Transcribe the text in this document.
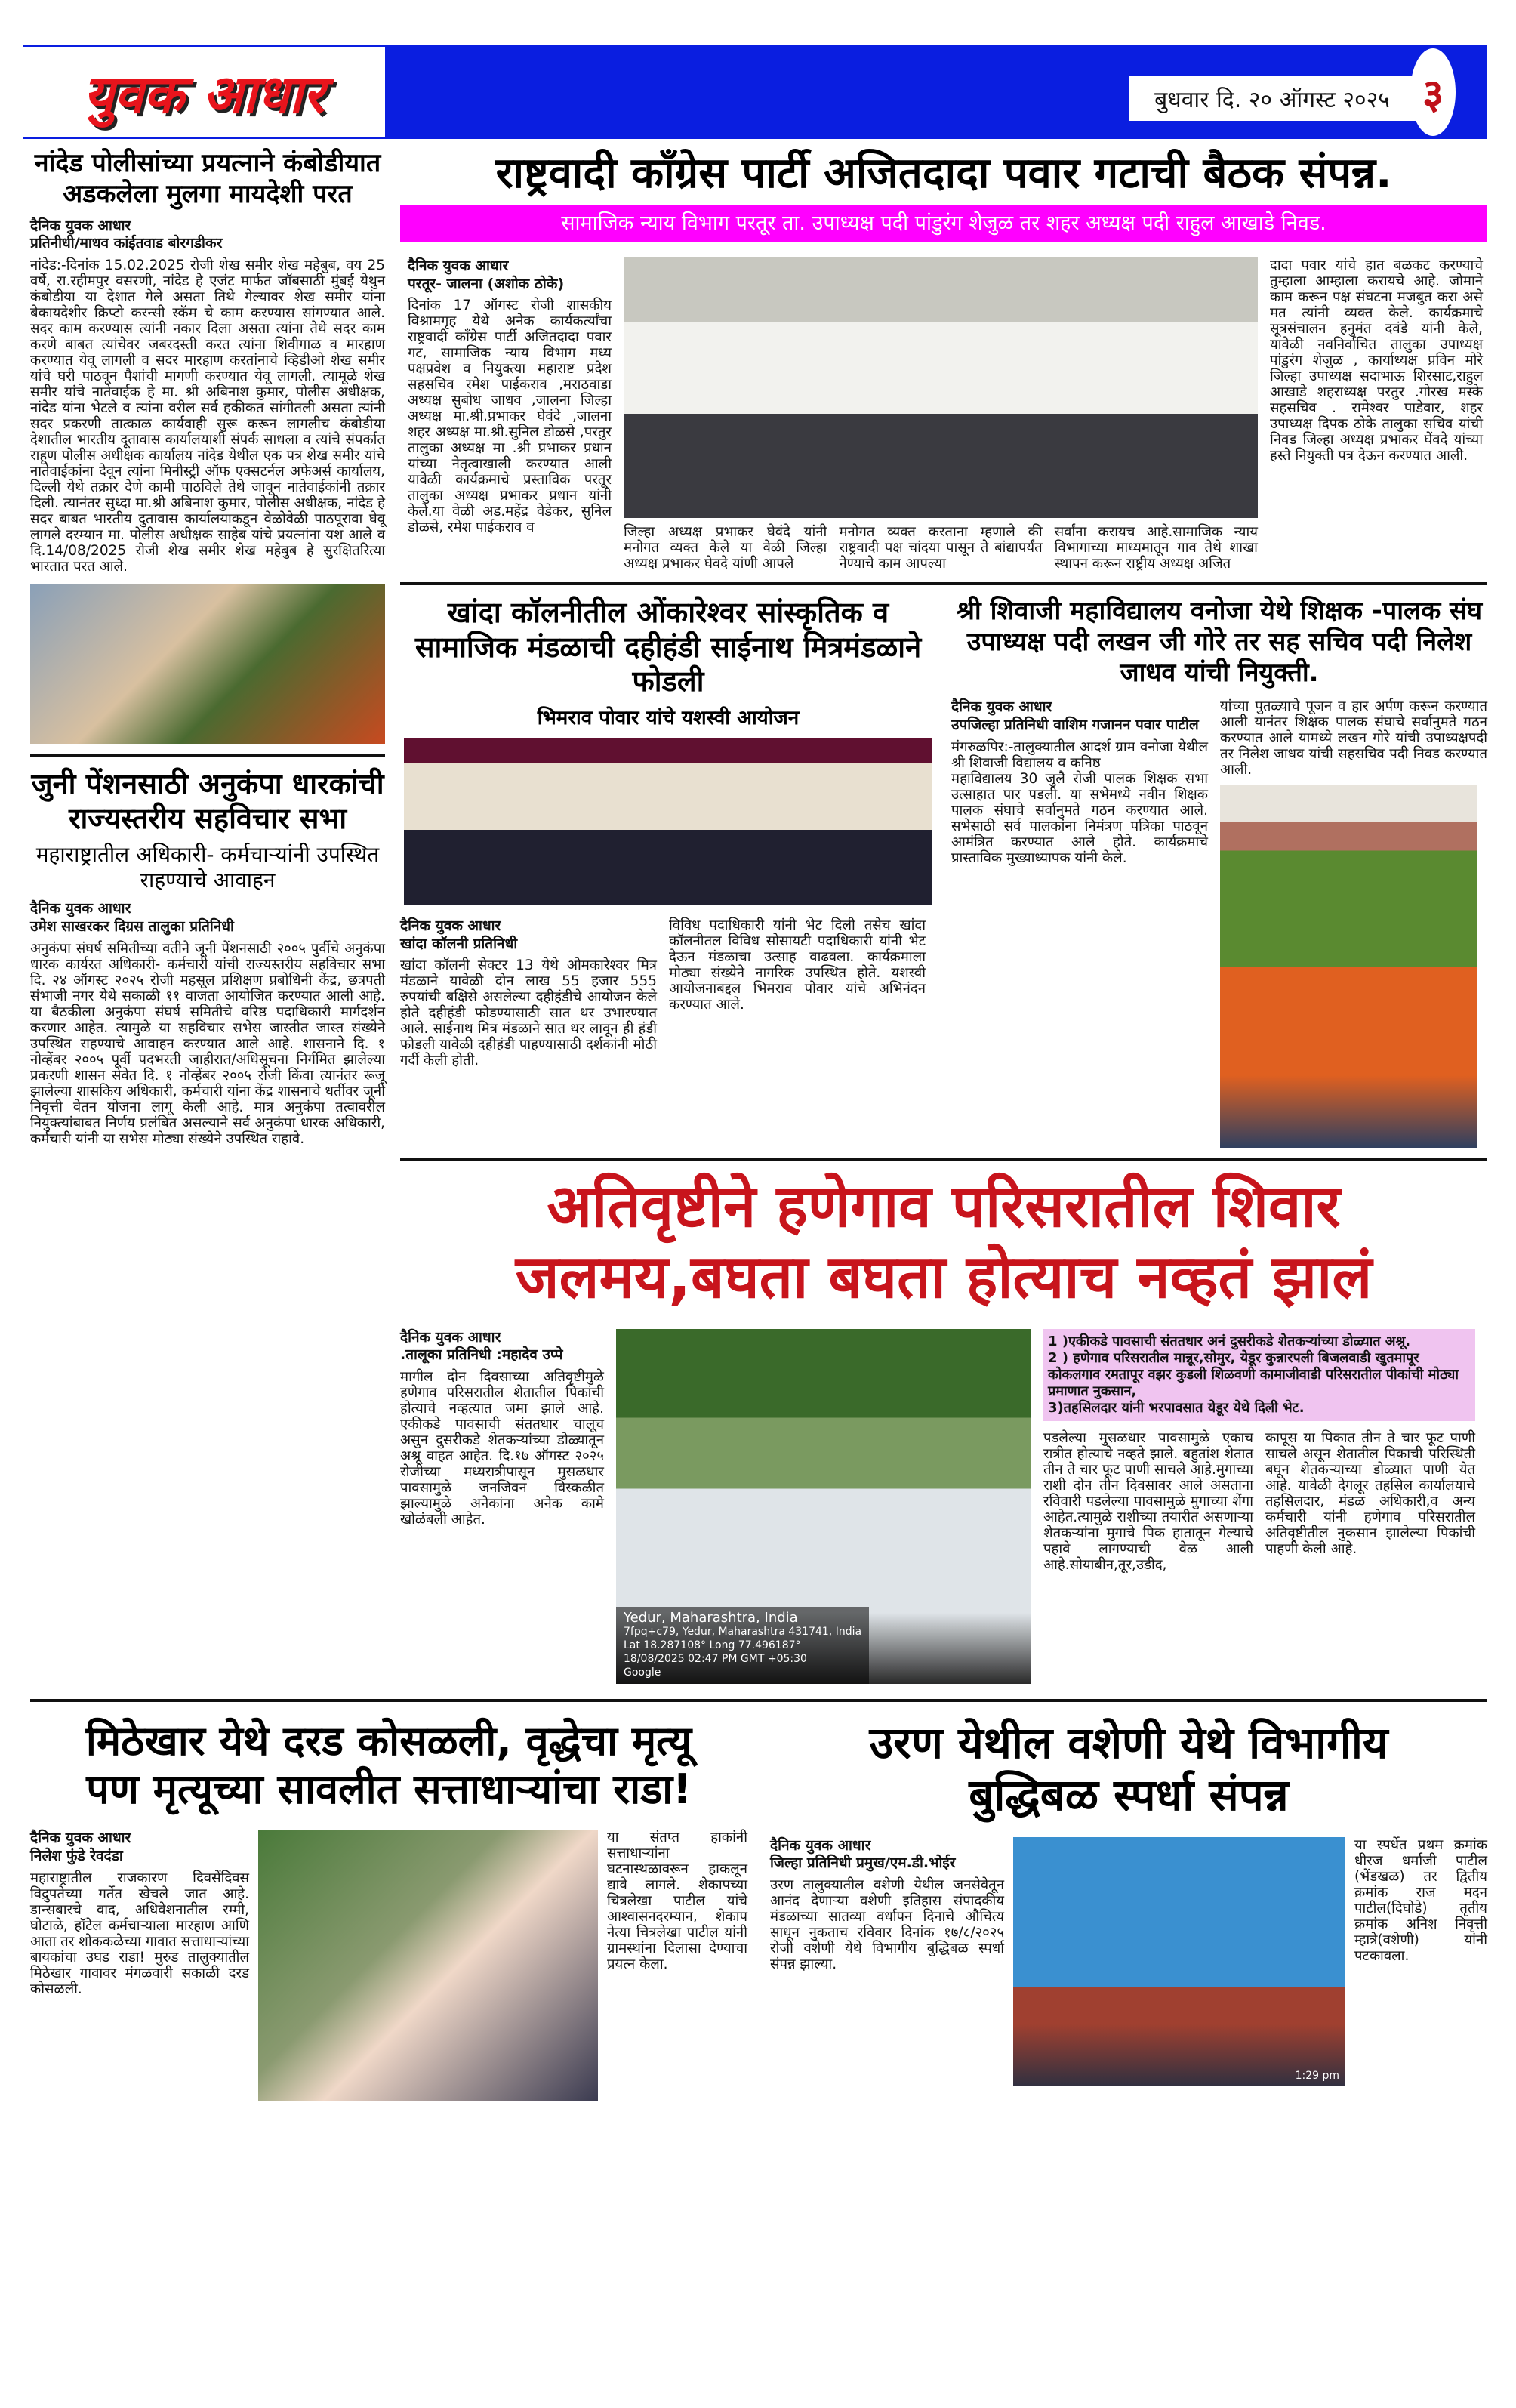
युवक आधार	बुधवार दि. २० ऑगस्ट २०२५ ३
नांदेड पोलीसांच्या प्रयत्नाने कंबोडीयात अडकलेला मुलगा मायदेशी परत
दैनिक युवक आधार
प्रतिनीधी/माधव कांईतवाड बोरगडीकर
नांदेड:-दिनांक 15.02.2025 रोजी शेख समीर शेख महेबुब, वय 25 वर्षे, रा.रहीमपुर वसरणी, नांदेड हे एजंट मार्फत जॉबसाठी मुंबई येथुन कंबोडीया या देशात गेले असता तिथे गेल्यावर शेख समीर यांना बेकायदेशीर क्रिप्टो करन्सी स्कॅम चे काम करण्यास सांगण्यात आले. सदर काम करण्यास त्यांनी नकार दिला असता त्यांना तेथे सदर काम करणे बाबत त्यांचेवर जबरदस्ती करत त्यांना शिवीगाळ व मारहाण करण्यात येवू लागली व सदर मारहाण करतांनाचे व्हिडीओ शेख समीर यांचे घरी पाठवून पैशांची मागणी करण्यात येवू लागली. त्यामूळे शेख समीर यांचे नातेवाईक हे मा. श्री अबिनाश कुमार, पोलीस अधीक्षक, नांदेड यांना भेटले व त्यांना वरील सर्व हकीकत सांगीतली असता त्यांनी सदर प्रकरणी तात्काळ कार्यवाही सुरू करून लागलीच कंबोडीया देशातील भारतीय दूतावास कार्यालयाशी संपर्क साधला व त्यांचे संपर्कात राहूण पोलीस अधीक्षक कार्यालय नांदेड येथील एक पत्र शेख समीर यांचे नातेवाईकांना देवून त्यांना मिनीस्ट्री ऑफ एक्सटर्नल अफेअर्स कार्यालय, दिल्ली येथे तक्रार देणे कामी पाठविले तेथे जावून नातेवाईकांनी तक्रार दिली. त्यानंतर सुध्दा मा.श्री अबिनाश कुमार, पोलीस अधीक्षक, नांदेड हे सदर बाबत भारतीय दुतावास कार्यालयाकडून वेळोवेळी पाठपूरावा घेवू लागले दरम्यान मा. पोलीस अधीक्षक साहेब यांचे प्रयत्नांना यश आले व दि.14/08/2025 रोजी शेख समीर शेख महेबुब हे सुरक्षितरित्या भारतात परत आले.
जुनी पेंशनसाठी अनुकंपा धारकांची राज्यस्तरीय सहविचार सभा
महाराष्ट्रातील अधिकारी- कर्मचाऱ्यांनी उपस्थित राहण्याचे आवाहन
दैनिक युवक आधार
उमेश साखरकर दिग्रस तालुका प्रतिनिधी
अनुकंपा संघर्ष समितीच्या वतीने जूनी पेंशनसाठी २००५ पुर्वीचे अनुकंपा धारक कार्यरत अधिकारी- कर्मचारी यांची राज्यस्तरीय सहविचार सभा दि. २४ ऑगस्ट २०२५ रोजी महसूल प्रशिक्षण प्रबोधिनी केंद्र, छत्रपती संभाजी नगर येथे सकाळी ११ वाजता आयोजित करण्यात आली आहे. या बैठकीला अनुकंपा संघर्ष समितीचे वरिष्ठ पदाधिकारी मार्गदर्शन करणार आहेत. त्यामुळे या सहविचार सभेस जास्तीत जास्त संख्येने उपस्थित राहण्याचे आवाहन करण्यात आले आहे. शासनाने दि. १ नोव्हेंबर २००५ पूर्वी पदभरती जाहीरात/अधिसूचना निर्गमित झालेल्या प्रकरणी शासन सेवेत दि. १ नोव्हेंबर २००५ रोजी किंवा त्यानंतर रूजू झालेल्या शासकिय अधिकारी, कर्मचारी यांना केंद्र शासनाचे धर्तीवर जूनी निवृत्ती वेतन योजना लागू केली आहे. मात्र अनुकंपा तत्वावरील नियुक्त्यांबाबत निर्णय प्रलंबित असल्याने सर्व अनुकंपा धारक अधिकारी, कर्मचारी यांनी या सभेस मोठ्या संख्येने उपस्थित राहावे.
राष्ट्रवादी कॉंग्रेस पार्टी अजितदादा पवार गटाची बैठक संपन्न.
सामाजिक न्याय विभाग परतूर ता. उपाध्यक्ष पदी पांडुरंग शेजुळ तर शहर अध्यक्ष पदी राहुल आखाडे निवड.
दैनिक युवक आधार
परतूर- जालना (अशोक ठोके)
दिनांक 17 ऑगस्ट रोजी शासकीय विश्रामगृह येथे अनेक कार्यकर्त्यांचा राष्ट्रवादी कॉंग्रेस पार्टी अजितदादा पवार गट, सामाजिक न्याय विभाग मध्य पक्षप्रवेश व नियुक्त्या महाराष्ट प्रदेश सहसचिव रमेश पाईकराव ,मराठवाडा अध्यक्ष सुबोध जाधव ,जालना जिल्हा अध्यक्ष मा.श्री.प्रभाकर घेवंदे ,जालना शहर अध्यक्ष मा.श्री.सुनिल डोळसे ,परतुर तालुका अध्यक्ष मा .श्री प्रभाकर प्रधान यांच्या नेतृत्वाखाली करण्यात आली यावेळी कार्यक्रमाचे प्रस्ताविक परतूर तालुका अध्यक्ष प्रभाकर प्रधान यांनी केले.या वेळी अड.महेंद्र वेडेकर, सुनिल डोळसे, रमेश पाईकराव व	जिल्हा अध्यक्ष प्रभाकर घेवंदे यांनी मनोगत व्यक्त केले या वेळी जिल्हा अध्यक्ष प्रभाकर घेवदे यांणी आपले
मनोगत व्यक्त करताना म्हणाले की राष्ट्रवादी पक्ष चांदया पासून ते बांद्यापर्यंत नेण्याचे काम आपल्या
सर्वांना करायच आहे.सामाजिक न्याय विभागाच्या माध्यमातून गाव तेथे शाखा स्थापन करून राष्ट्रीय अध्यक्ष अजित
दादा पवार यांचे हात बळकट करण्याचे तुम्हाला आम्हाला करायचे आहे. जोमाने काम करून पक्ष संघटना मजबुत करा असे मत त्यांनी व्यक्त केले. कार्यक्रमाचे सूत्रसंचालन हनुमंत दवंडे यांनी केले, यावेळी नवनिर्वाचित तालुका उपाध्यक्ष पांडुरंग शेजुळ , कार्याध्यक्ष प्रविन मोरे जिल्हा उपाध्यक्ष सदाभाऊ शिरसाट,राहुल आखाडे शहराध्यक्ष परतुर .गोरख मस्के सहसचिव . रामेश्वर पाडेवार, शहर उपाध्यक्ष दिपक ठोके तालुका सचिव यांची निवड जिल्हा अध्यक्ष प्रभाकर घेंवदे यांच्या हस्ते नियुक्ती पत्र देऊन करण्यात आली.
खांदा कॉलनीतील ओंकारेश्वर सांस्कृतिक व सामाजिक मंडळाची दहीहंडी साईनाथ मित्रमंडळाने फोडली
भिमराव पोवार यांचे यशस्वी आयोजन
दैनिक युवक आधार
खांदा कॉलनी प्रतिनिधी
खांदा कॉलनी सेक्टर 13 येथे ओमकारेश्वर मित्र मंडळाने यावेळी दोन लाख 55 हजार 555 रुपयांची बक्षिसे असलेल्या दहीहंडीचे आयोजन केले होते दहीहंडी फोडण्यासाठी सात थर उभारण्यात आले. साईनाथ मित्र मंडळाने सात थर लावून ही हंडी फोडली यावेळी दहीहंडी पाहण्यासाठी दर्शकांनी मोठी गर्दी केली होती.
विविध पदाधिकारी यांनी भेट दिली तसेच खांदा कॉलनीतल विविध सोसायटी पदाधिकारी यांनी भेट देऊन मंडळाचा उत्साह वाढवला. कार्यक्रमाला मोठ्या संख्येने नागरिक उपस्थित होते. यशस्वी आयोजनाबद्दल भिमराव पोवार यांचे अभिनंदन करण्यात आले.
श्री शिवाजी महाविद्यालय वनोजा येथे शिक्षक -पालक संघ उपाध्यक्ष पदी लखन जी गोरे तर सह सचिव पदी निलेश जाधव यांची नियुक्ती.
दैनिक युवक आधार
उपजिल्हा प्रतिनिधी वाशिम गजानन पवार पाटील
मंगरुळपिर:-तालुक्यातील आदर्श ग्राम वनोजा येथील श्री शिवाजी विद्यालय व कनिष्ठ
महाविद्यालय 30 जुलै रोजी पालक शिक्षक सभा उत्साहात पार पडली. या सभेमध्ये नवीन शिक्षक पालक संघाचे सर्वानुमते गठन करण्यात आले. सभेसाठी सर्व पालकांना निमंत्रण पत्रिका पाठवून आमंत्रित करण्यात आले होते. कार्यक्रमाचे प्रास्ताविक मुख्याध्यापक यांनी केले.
यांच्या पुतळ्याचे पूजन व हार अर्पण करून करण्यात आली यानंतर शिक्षक पालक संघाचे सर्वानुमते गठन करण्यात आले यामध्ये लखन गोरे यांची उपाध्यक्षपदी तर निलेश जाधव यांची सहसचिव पदी निवड करण्यात आली.
अतिवृष्टीने हणेगाव परिसरातील शिवार
जलमय,बघता बघता होत्याच नव्हतं झालं
दैनिक युवक आधार
.तालूका प्रतिनिधी :महादेव उप्पे
मागील दोन दिवसाच्या अतिवृष्टीमुळे हणेगाव परिसरातील शेतातील पिकांची होत्याचे नव्हत्यात जमा झाले आहे. एकीकडे पावसाची संततधार चालूच असुन दुसरीकडे शेतकऱ्यांच्या डोळ्यातून अश्रू वाहत आहेत. दि.१७ ऑगस्ट २०२५ रोजीच्या मध्यरात्रीपासून मुसळधार पावसामुळे जनजिवन विस्कळीत झाल्यामुळे अनेकांना अनेक कामे खोळंबली आहेत.
Yedur, Maharashtra, India
7fpq+c79, Yedur, Maharashtra 431741, India
Lat 18.287108° Long 77.496187°
18/08/2025 02:47 PM GMT +05:30
Google
1 )एकीकडे पावसाची संततधार अनं दुसरीकडे शेतकऱ्यांच्या डोळ्यात अश्रू.
2 ) हणेगाव परिसरातील मान्नूर,सोमुर, येडूर कुन्नारपली बिजलवाडी खुतमापूर कोकलगाव रमतापूर वझर कुडली शिळवणी कामाजीवाडी परिसरातील पीकांची मोठ्या प्रमाणात नुकसान,
3)तहसिलदार यांनी भरपावसात येडूर येथे दिली भेट.
पडलेल्या मुसळधार पावसामुळे एकाच रात्रीत होत्याचे नव्हते झाले. बहुतांश शेतात तीन ते चार फूट पाणी साचले आहे.मुगाच्या राशी दोन तीन दिवसावर आले असताना रविवारी पडलेल्या पावसामुळे मुगाच्या शेंगा आहेत.त्यामुळे राशीच्या तयारीत असणाऱ्या शेतकऱ्यांना मुगाचे पिक हातातून गेल्याचे पहावे लागण्याची वेळ आली आहे.सोयाबीन,तूर,उडीद,
कापूस या पिकात तीन ते चार फूट पाणी साचले असून शेतातील पिकाची परिस्थिती बघून शेतकऱ्याच्या डोळ्यात पाणी येत आहे. यावेळी देगलूर तहसिल कार्यालयाचे तहसिलदार, मंडळ अधिकारी,व अन्य कर्मचारी यांनी हणेगाव परिसरातील अतिवृष्टीतील नुकसान झालेल्या पिकांची पाहणी केली आहे.
मिठेखार येथे दरड कोसळली, वृद्धेचा मृत्यू
पण मृत्यूच्या सावलीत सत्ताधाऱ्यांचा राडा!
दैनिक युवक आधार
निलेश फुंडे रेवदंडा
महाराष्ट्रातील राजकारण दिवसेंदिवस विद्रुपतेच्या गर्तेत खेचले जात आहे. डान्सबारचे वाद, अधिवेशनातील रम्मी, घोटाळे, हॉटेल कर्मचाऱ्याला मारहाण आणि आता तर शोककळेच्या गावात सत्ताधाऱ्यांच्या बायकांचा उघड राडा! मुरुड तालुक्यातील मिठेखार गावावर मंगळवारी सकाळी दरड कोसळली.
या संतप्त हाकांनी सत्ताधाऱ्यांना घटनास्थळावरून हाकलून द्यावे लागले. शेकापच्या चित्रलेखा पाटील यांचे आश्वासनदरम्यान, शेकाप नेत्या चित्रलेखा पाटील यांनी ग्रामस्थांना दिलासा देण्याचा प्रयत्न केला.
उरण येथील वशेणी येथे विभागीय
बुद्धिबळ स्पर्धा संपन्न
दैनिक युवक आधार
जिल्हा प्रतिनिधी प्रमुख/एम.डी.भोईर
उरण तालुक्यातील वशेणी येथील जनसेवेतून आनंद देणाऱ्या वशेणी इतिहास संपादकीय मंडळाच्या सातव्या वर्धापन दिनाचे औचित्य साधून नुकताच रविवार दिनांक १७/८/२०२५ रोजी वशेणी येथे विभागीय बुद्धिबळ स्पर्धा संपन्न झाल्या.
1:29 pm
या स्पर्धेत प्रथम क्रमांक धीरज धर्माजी पाटील (भेंडखळ) तर द्वितीय क्रमांक राज मदन पाटील(दिघोडे) तृतीय क्रमांक अनिश निवृत्ती म्हात्रे(वशेणी) यांनी पटकावला.
